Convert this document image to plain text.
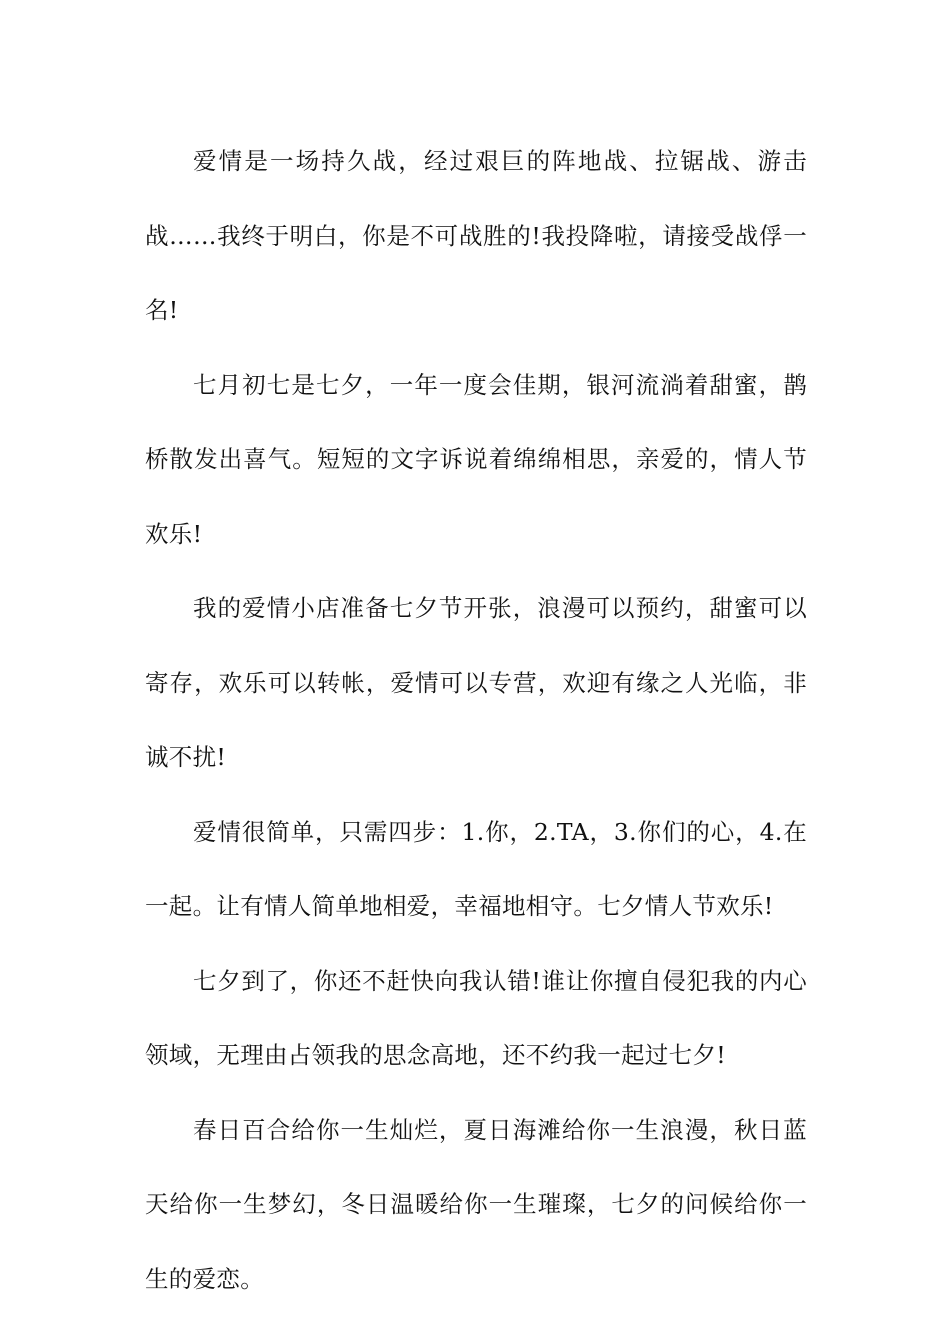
爱情是一场持久战，经过艰巨的阵地战、拉锯战、游击战……我终于明白，你是不可战胜的!我投降啦，请接受战俘一名!

七月初七是七夕，一年一度会佳期，银河流淌着甜蜜，鹊桥散发出喜气。短短的文字诉说着绵绵相思，亲爱的，情人节欢乐!

我的爱情小店准备七夕节开张，浪漫可以预约，甜蜜可以寄存，欢乐可以转帐，爱情可以专营，欢迎有缘之人光临，非诚不扰!

爱情很简单，只需四步：1.你，2.TA，3.你们的心，4.在一起。让有情人简单地相爱，幸福地相守。七夕情人节欢乐!

七夕到了，你还不赶快向我认错!谁让你擅自侵犯我的内心领域，无理由占领我的思念高地，还不约我一起过七夕!

春日百合给你一生灿烂，夏日海滩给你一生浪漫，秋日蓝天给你一生梦幻，冬日温暖给你一生璀璨，七夕的问候给你一生的爱恋。
